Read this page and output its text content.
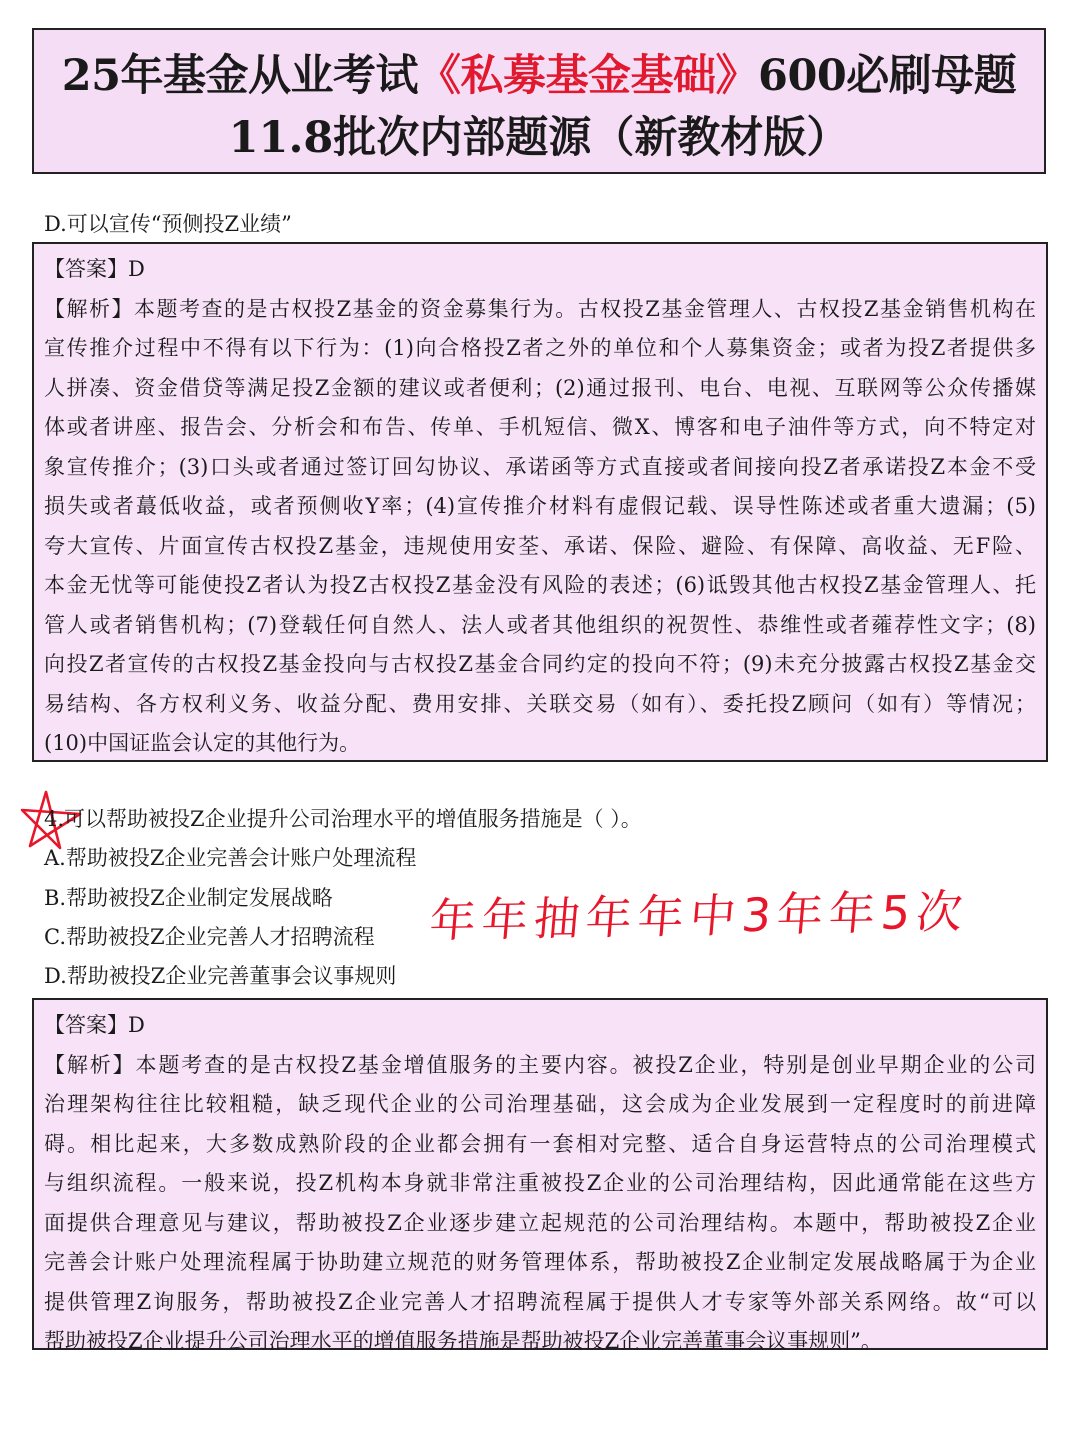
25年基金从业考试《私募基金基础》600必刷母题
11.8批次内部题源（新教材版）
D.可以宣传“预侧投Z业绩”
【答案】D
【解析】本题考查的是古权投Z基金的资金募集行为。古权投Z基金管理人、古权投Z基金销售机构在
宣传推介过程中不得有以下行为：(1)向合格投Z者之外的单位和个人募集资金；或者为投Z者提供多
人拼凑、资金借贷等满足投Z金额的建议或者便利；(2)通过报刊、电台、电视、互联网等公众传播媒
体或者讲座、报告会、分析会和布告、传单、手机短信、微X、博客和电子油件等方式，向不特定对
象宣传推介；(3)口头或者通过签订回勾协议、承诺函等方式直接或者间接向投Z者承诺投Z本金不受
损失或者蕞低收益，或者预侧收Y率；(4)宣传推介材料有虚假记载、误导性陈述或者重大遗漏；(5)
夸大宣传、片面宣传古权投Z基金，违规使用安荃、承诺、保险、避险、有保障、高收益、无F险、
本金无忧等可能使投Z者认为投Z古权投Z基金没有风险的表述；(6)诋毁其他古权投Z基金管理人、托
管人或者销售机构；(7)登载任何自然人、法人或者其他组织的祝贺性、恭维性或者蕹荐性文字；(8)
向投Z者宣传的古权投Z基金投向与古权投Z基金合同约定的投向不符；(9)未充分披露古权投Z基金交
易结构、各方权利义务、收益分配、费用安排、关联交易（如有）、委托投Z顾问（如有）等情况；
(10)中国证监会认定的其他行为。
4.可以帮助被投Z企业提升公司治理水平的增值服务措施是（ ）。
A.帮助被投Z企业完善会计账户处理流程
B.帮助被投Z企业制定发展战略
C.帮助被投Z企业完善人才招聘流程
D.帮助被投Z企业完善董事会议事规则
年年抽年年中3年年5次
【答案】D
【解析】本题考查的是古权投Z基金增值服务的主要内容。被投Z企业，特别是创业早期企业的公司
治理架构往往比较粗糙，缺乏现代企业的公司治理基础，这会成为企业发展到一定程度时的前进障
碍。相比起来，大多数成熟阶段的企业都会拥有一套相对完整、适合自身运营特点的公司治理模式
与组织流程。一般来说，投Z机构本身就非常注重被投Z企业的公司治理结构，因此通常能在这些方
面提供合理意见与建议，帮助被投Z企业逐步建立起规范的公司治理结构。本题中，帮助被投Z企业
完善会计账户处理流程属于协助建立规范的财务管理体系，帮助被投Z企业制定发展战略属于为企业
提供管理Z询服务，帮助被投Z企业完善人才招聘流程属于提供人才专家等外部关系网络。故“可以
帮助被投Z企业提升公司治理水平的增值服务措施是帮助被投Z企业完善董事会议事规则”。
